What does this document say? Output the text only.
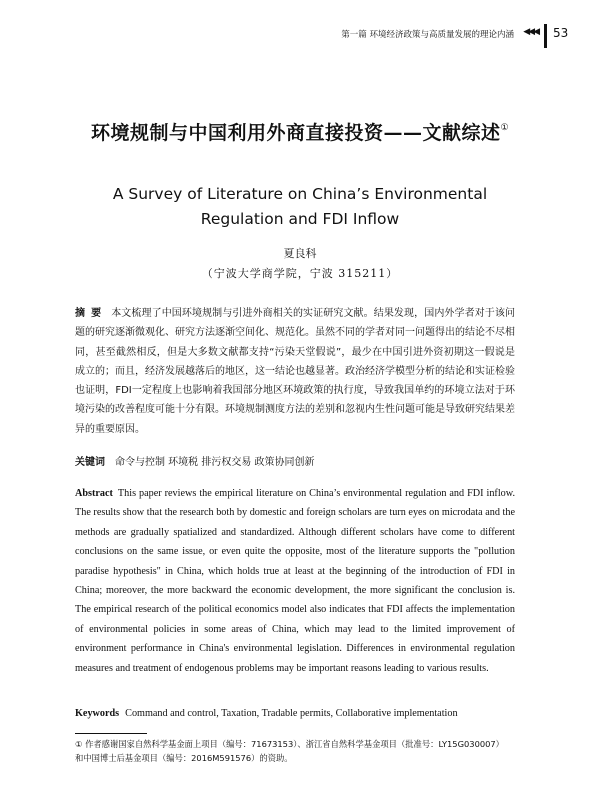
第一篇 环境经济政策与高质量发展的理论内涵 ◀◀◀ 53
环境规制与中国利用外商直接投资——文献综述①
A Survey of Literature on China’s Environmental
Regulation and FDI Inflow
夏良科
（宁波大学商学院，宁波 315211）
摘要 本文梳理了中国环境规制与引进外商相关的实证研究文献。结果发现，国内外学者对于该问题的研究逐渐微观化、研究方法逐渐空间化、规范化。虽然不同的学者对同一问题得出的结论不尽相同，甚至截然相反，但是大多数文献都支持“污染天堂假说”，最少在中国引进外资初期这一假说是成立的；而且，经济发展越落后的地区，这一结论也越显著。政治经济学模型分析的结论和实证检验也证明，FDI一定程度上也影响着我国部分地区环境政策的执行度，导致我国单约的环境立法对于环境污染的改善程度可能十分有限。环境规制测度方法的差别和忽视内生性问题可能是导致研究结果差异的重要原因。
关键词 命令与控制 环境税 排污权交易 政策协同创新
Abstract This paper reviews the empirical literature on China’s environmental regulation and FDI inflow. The results show that the research both by domestic and foreign scholars are turn eyes on microdata and the methods are gradually spatialized and standardized. Although different scholars have come to different conclusions on the same issue, or even quite the opposite, most of the literature supports the "pollution paradise hypothesis" in China, which holds true at least at the beginning of the introduction of FDI in China; moreover, the more backward the economic development, the more significant the conclusion is. The empirical research of the political economics model also indicates that FDI affects the implementation of environmental policies in some areas of China, which may lead to the limited improvement of environment performance in China's environmental legislation. Differences in environmental regulation measures and treatment of endogenous problems may be important reasons leading to various results.
Keywords Command and control, Taxation, Tradable permits, Collaborative implementation
① 作者感谢国家自然科学基金面上项目（编号：71673153）、浙江省自然科学基金项目（批准号：LY15G030007）
和中国博士后基金项目（编号：2016M591576）的资助。
